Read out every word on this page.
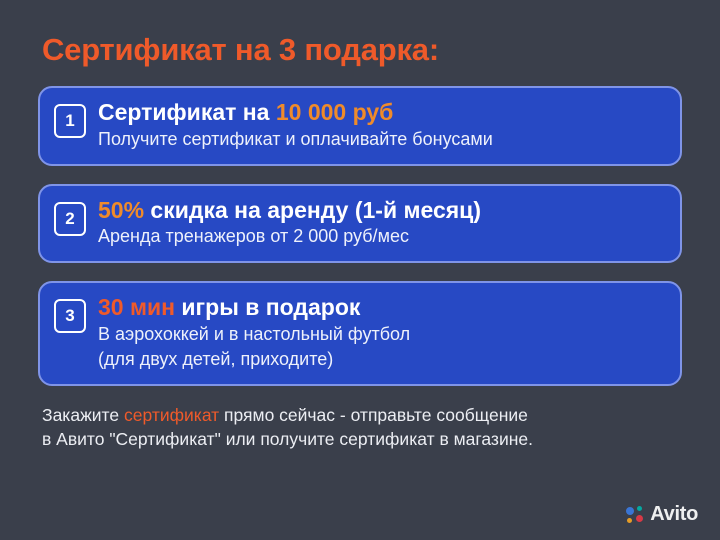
Сертификат на 3 подарка:
1	Сертификат на 10 000 руб
Получите сертификат и оплачивайте бонусами
2	50% скидка на аренду (1-й месяц)
Аренда тренажеров от 2 000 руб/мес
3	30 мин игры в подарок
В аэрохоккей и в настольный футбол
(для двух детей, приходите)
Закажите сертификат прямо сейчас - отправьте сообщение
в Авито "Сертификат" или получите сертификат в магазине.
Avito
